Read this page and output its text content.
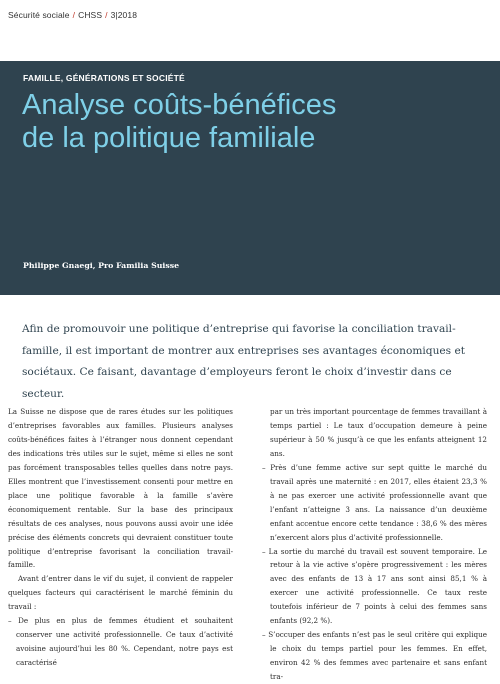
Sécurité sociale / CHSS / 3|2018
FAMILLE, GÉNÉRATIONS ET SOCIÉTÉ
Analyse coûts-bénéfices
de la politique familiale
Philippe Gnaegi, Pro Familia Suisse

Afin de promouvoir une politique d’entreprise qui favorise la conciliation travail-famille, il est important de montrer aux entreprises ses avantages économiques et sociétaux. Ce faisant, davantage d’employeurs feront le choix d’investir dans ce secteur.

La Suisse ne dispose que de rares études sur les politiques d’entreprises favorables aux familles. Plusieurs analyses coûts-bénéfices faites à l’étranger nous donnent cependant des indications très utiles sur le sujet, même si elles ne sont pas forcément transposables telles quelles dans notre pays. Elles montrent que l’investissement consenti pour mettre en place une politique favorable à la famille s’avère économiquement rentable. Sur la base des principaux résultats de ces analyses, nous pouvons aussi avoir une idée précise des éléments concrets qui devraient constituer toute politique d’entreprise favorisant la conciliation travail-famille.

Avant d’entrer dans le vif du sujet, il convient de rappeler quelques facteurs qui caractérisent le marché féminin du travail :

– De plus en plus de femmes étudient et souhaitent conserver une activité professionnelle. Ce taux d’activité avoisine aujourd’hui les 80 %. Cependant, notre pays est caractérisé

par un très important pourcentage de femmes travaillant à temps partiel : Le taux d’occupation demeure à peine supérieur à 50 % jusqu’à ce que les enfants atteignent 12 ans.

– Près d’une femme active sur sept quitte le marché du travail après une maternité : en 2017, elles étaient 23,3 % à ne pas exercer une activité professionnelle avant que l’enfant n’atteigne 3 ans. La naissance d’un deuxième enfant accentue encore cette tendance : 38,6 % des mères n’exercent alors plus d’activité professionnelle.

– La sortie du marché du travail est souvent temporaire. Le retour à la vie active s’opère progressivement : les mères avec des enfants de 13 à 17 ans sont ainsi 85,1 % à exercer une activité professionnelle. Ce taux reste toutefois inférieur de 7 points à celui des femmes sans enfants (92,2 %).

– S’occuper des enfants n’est pas le seul critère qui explique le choix du temps partiel pour les femmes. En effet, environ 42 % des femmes avec partenaire et sans enfant tra-
